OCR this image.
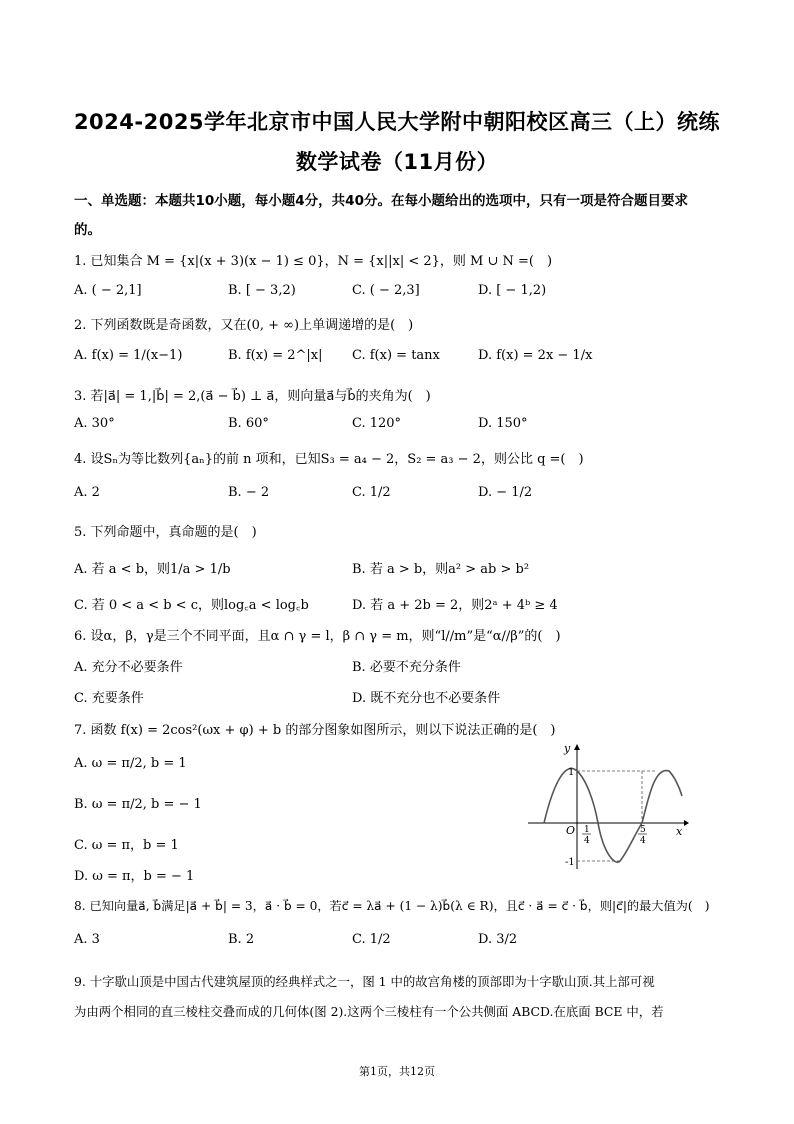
2024-2025学年北京市中国人民大学附中朝阳校区高三（上）统练
数学试卷（11月份）
一、单选题：本题共10小题，每小题4分，共40分。在每小题给出的选项中，只有一项是符合题目要求
的。
1. 已知集合 M = {x|(x + 3)(x − 1) ≤ 0}，N = {x||x| < 2}，则 M ∪ N =(　)
A. ( − 2,1]	B. [ − 3,2)	C. ( − 2,3]	D. [ − 1,2)
2. 下列函数既是奇函数，又在(0, + ∞)上单调递增的是(　)
A. f(x) = 1/(x−1)	B. f(x) = 2^|x| C. f(x) = tanx	D. f(x) = 2x − 1/x
3. 若|a⃗| = 1,|b⃗| = 2,(a⃗ − b⃗) ⊥ a⃗，则向量a⃗与b⃗的夹角为(　)
A. 30°	B. 60°	C. 120°	D. 150°
4. 设Sₙ为等比数列{aₙ}的前 n 项和，已知S₃ = a₄ − 2，S₂ = a₃ − 2，则公比 q =(　)
A. 2	B. − 2	C. 1/2	D. − 1/2
5. 下列命题中，真命题的是(　)
A. 若 a < b，则1/a > 1/b	B. 若 a > b，则a² > ab > b²
C. 若 0 < a < b < c，则log꜀a < log꜀b	D. 若 a + 2b = 2，则2ᵃ + 4ᵇ ≥ 4
6. 设α，β，γ是三个不同平面，且α ∩ γ = l，β ∩ γ = m，则“l//m”是“α//β”的(　)
A. 充分不必要条件	B. 必要不充分条件
C. 充要条件	D. 既不充分也不必要条件
7. 函数 f(x) = 2cos²(ωx + φ) + b 的部分图象如图所示，则以下说法正确的是(　)
A. ω = π/2, b = 1
B. ω = π/2, b = − 1
C. ω = π，b = 1
D. ω = π，b = − 1
y
x
O
1
-1
1
4
5
4
8. 已知向量a⃗, b⃗满足|a⃗ + b⃗| = 3，a⃗ · b⃗ = 0，若c⃗ = λa⃗ + (1 − λ)b⃗(λ ∈ R)，且c⃗ · a⃗ = c⃗ · b⃗，则|c⃗|的最大值为(　)
A. 3	B. 2	C. 1/2	D. 3/2
9. 十字歇山顶是中国古代建筑屋顶的经典样式之一，图 1 中的故宫角楼的顶部即为十字歇山顶.其上部可视
为由两个相同的直三棱柱交叠而成的几何体(图 2).这两个三棱柱有一个公共侧面 ABCD.在底面 BCE 中，若
第1页，共12页
